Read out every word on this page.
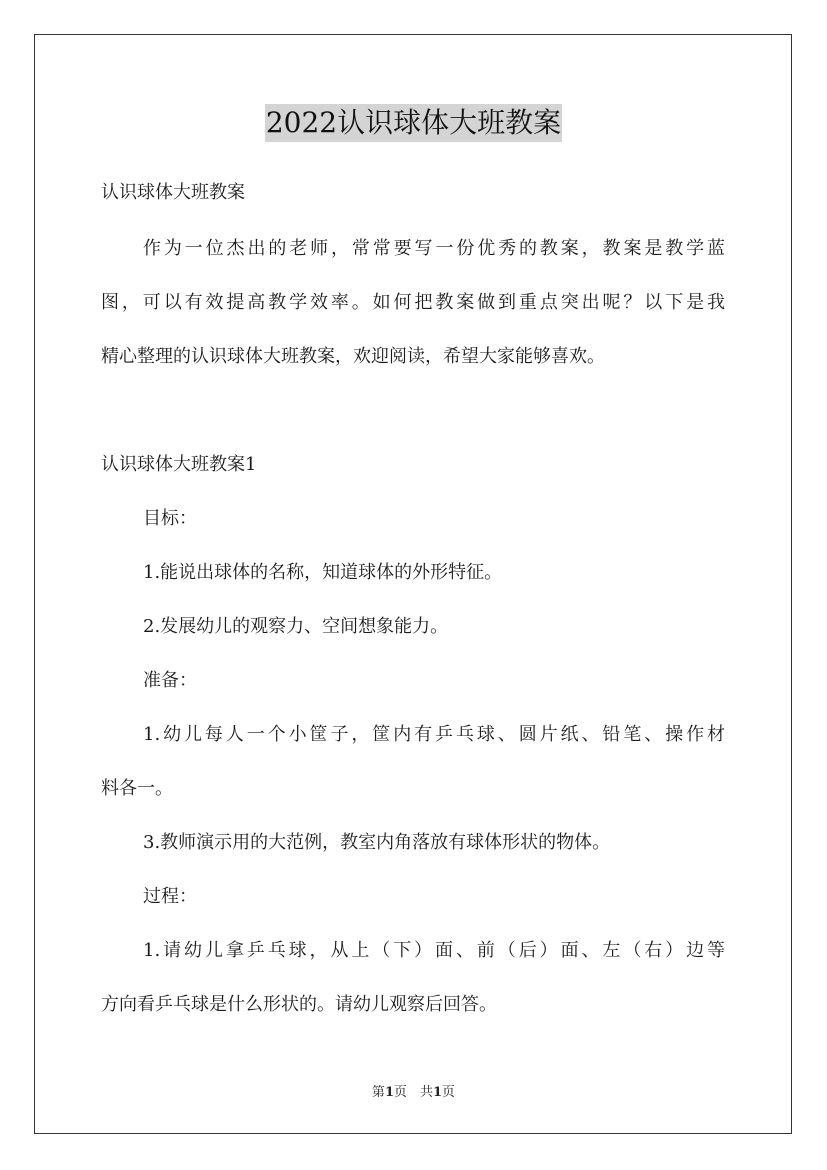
2022认识球体大班教案
认识球体大班教案
作为一位杰出的老师，常常要写一份优秀的教案，教案是教学蓝
图，可以有效提高教学效率。如何把教案做到重点突出呢？以下是我
精心整理的认识球体大班教案，欢迎阅读，希望大家能够喜欢。
认识球体大班教案1
目标：
1.能说出球体的名称，知道球体的外形特征。
2.发展幼儿的观察力、空间想象能力。
准备：
1.幼儿每人一个小筐子，筐内有乒乓球、圆片纸、铅笔、操作材
料各一。
3.教师演示用的大范例，教室内角落放有球体形状的物体。
过程：
1.请幼儿拿乒乓球，从上（下）面、前（后）面、左（右）边等
方向看乒乓球是什么形状的。请幼儿观察后回答。
第1页　共1页
